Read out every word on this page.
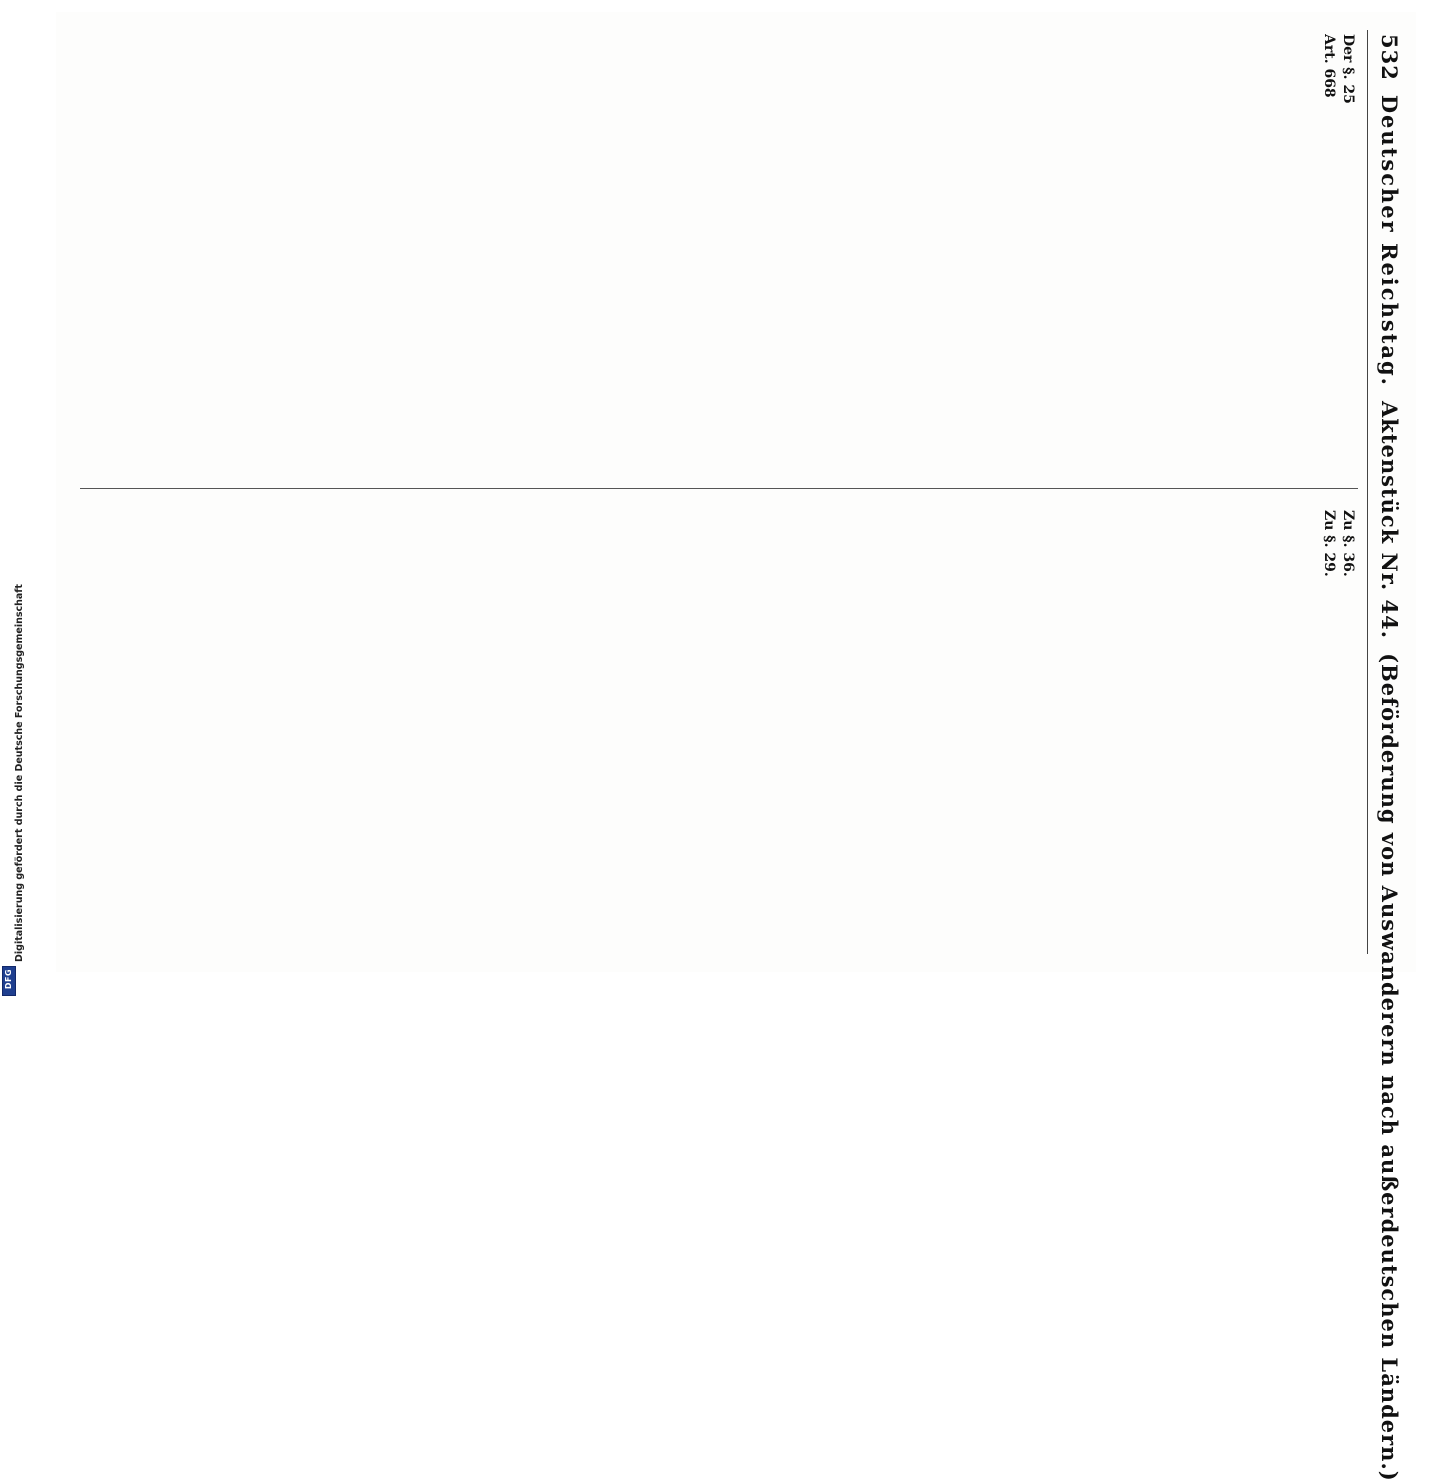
532
Deutscher Reichstag.
Aktenstück Nr. 44.
(Beförderung von Auswanderern nach außerdeutschen Ländern.)
Der §. 25
Art. 668
Zu §. 36.
Zu §. 29.
Digitalisierung gefördert durch die Deutsche Forschungsgemeinschaft
DFG
